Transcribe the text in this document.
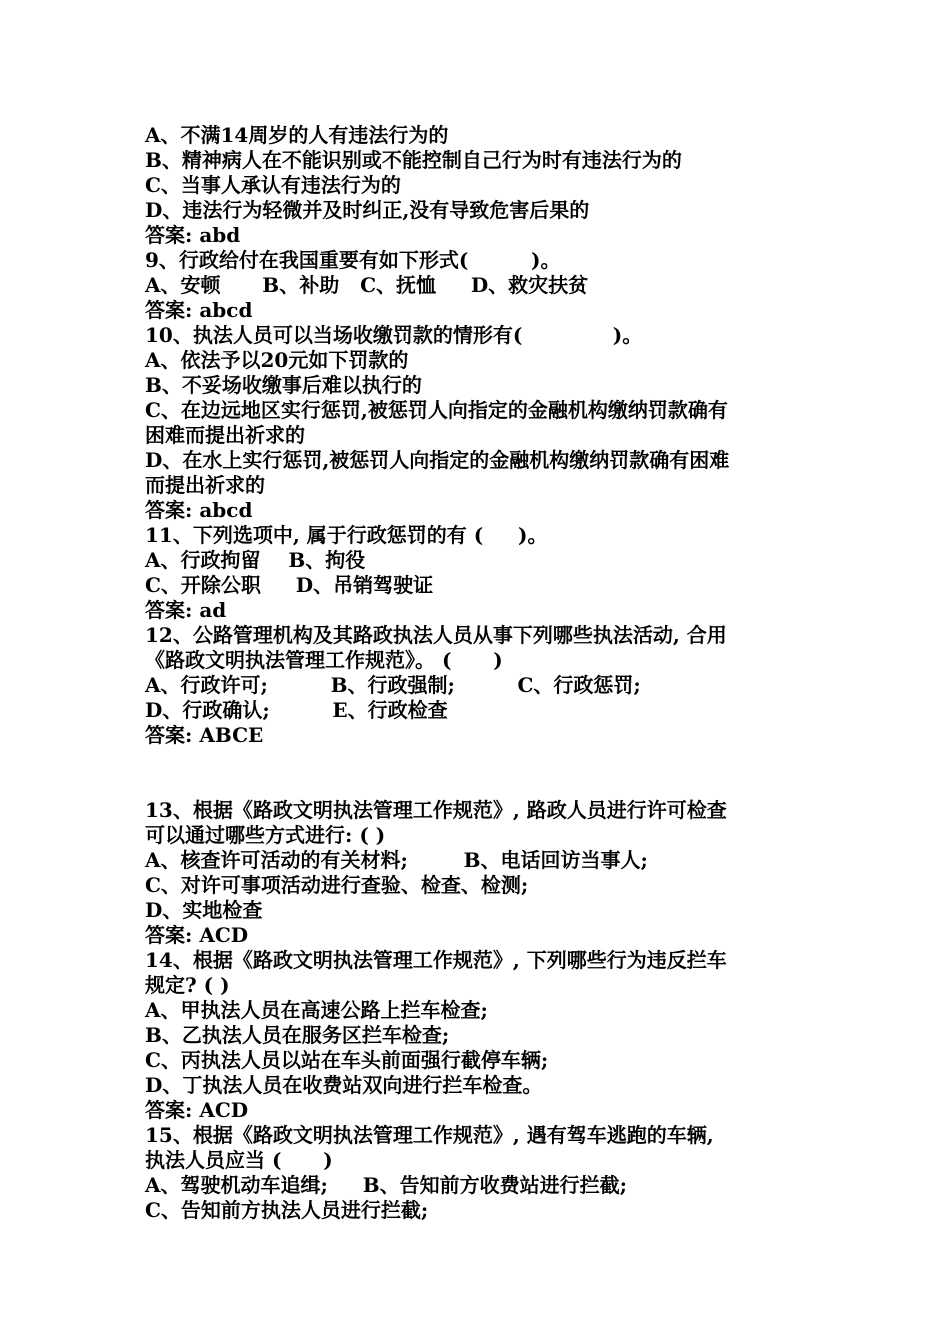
A、不满14周岁的人有违法行为的
B、精神病人在不能识别或不能控制自己行为时有违法行为的
C、当事人承认有违法行为的
D、违法行为轻微并及时纠正,没有导致危害后果的
答案: abd
9、行政给付在我国重要有如下形式(         )。
A、安顿      B、补助   C、抚恤     D、救灾扶贫
答案: abcd
10、执法人员可以当场收缴罚款的情形有(             )。
A、依法予以20元如下罚款的
B、不妥场收缴事后难以执行的
C、在边远地区实行惩罚,被惩罚人向指定的金融机构缴纳罚款确有
困难而提出祈求的
D、在水上实行惩罚,被惩罚人向指定的金融机构缴纳罚款确有困难
而提出祈求的
答案: abcd
11、下列选项中, 属于行政惩罚的有 (     )。
A、行政拘留    B、拘役
C、开除公职     D、吊销驾驶证
答案: ad
12、公路管理机构及其路政执法人员从事下列哪些执法活动, 合用
《路政文明执法管理工作规范》。 (      )
A、行政许可;         B、行政强制;         C、行政惩罚;
D、行政确认;         E、行政检查
答案: ABCE
13、根据《路政文明执法管理工作规范》, 路政人员进行许可检查
可以通过哪些方式进行: ( )
A、核查许可活动的有关材料;        B、电话回访当事人;
C、对许可事项活动进行查验、检查、检测;
D、实地检查
答案: ACD
14、根据《路政文明执法管理工作规范》, 下列哪些行为违反拦车
规定? ( )
A、甲执法人员在高速公路上拦车检查;
B、乙执法人员在服务区拦车检查;
C、丙执法人员以站在车头前面强行截停车辆;
D、丁执法人员在收费站双向进行拦车检查。
答案: ACD
15、根据《路政文明执法管理工作规范》, 遇有驾车逃跑的车辆,
执法人员应当 (      )
A、驾驶机动车追缉;     B、告知前方收费站进行拦截;
C、告知前方执法人员进行拦截;
